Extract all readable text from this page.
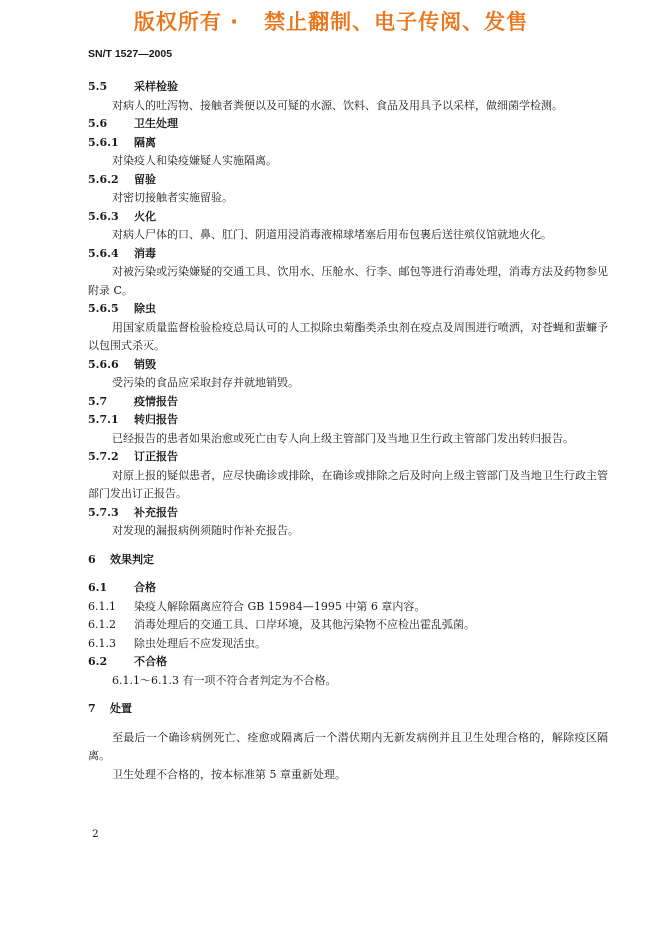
版权所有 ·   禁止翻制、电子传阅、发售
SN/T 1527—2005
5.5 采样检验
对病人的吐泻物、接触者粪便以及可疑的水源、饮料、食品及用具予以采样，做细菌学检测。
5.6 卫生处理
5.6.1 隔离
对染疫人和染疫嫌疑人实施隔离。
5.6.2 留验
对密切接触者实施留验。
5.6.3 火化
对病人尸体的口、鼻、肛门、阴道用浸消毒液棉球堵塞后用布包裹后送往殡仪馆就地火化。
5.6.4 消毒
对被污染或污染嫌疑的交通工具、饮用水、压舱水、行李、邮包等进行消毒处理，消毒方法及药物参见附录 C。
5.6.5 除虫
用国家质量监督检验检疫总局认可的人工拟除虫菊酯类杀虫剂在疫点及周围进行喷洒，对苍蝇和蜚蠊予以包围式杀灭。
5.6.6 销毁
受污染的食品应采取封存并就地销毁。
5.7 疫情报告
5.7.1 转归报告
已经报告的患者如果治愈或死亡由专人向上级主管部门及当地卫生行政主管部门发出转归报告。
5.7.2 订正报告
对原上报的疑似患者，应尽快确诊或排除，在确诊或排除之后及时向上级主管部门及当地卫生行政主管部门发出订正报告。
5.7.3 补充报告
对发现的漏报病例须随时作补充报告。
6 效果判定
6.1 合格
6.1.1 染疫人解除隔离应符合 GB 15984—1995 中第 6 章内容。
6.1.2 消毒处理后的交通工具、口岸环境，及其他污染物不应检出霍乱弧菌。
6.1.3 除虫处理后不应发现活虫。
6.2 不合格
6.1.1～6.1.3 有一项不符合者判定为不合格。
7 处置
至最后一个确诊病例死亡、痊愈或隔离后一个潜伏期内无新发病例并且卫生处理合格的，解除疫区隔离。
卫生处理不合格的，按本标准第 5 章重新处理。
2
